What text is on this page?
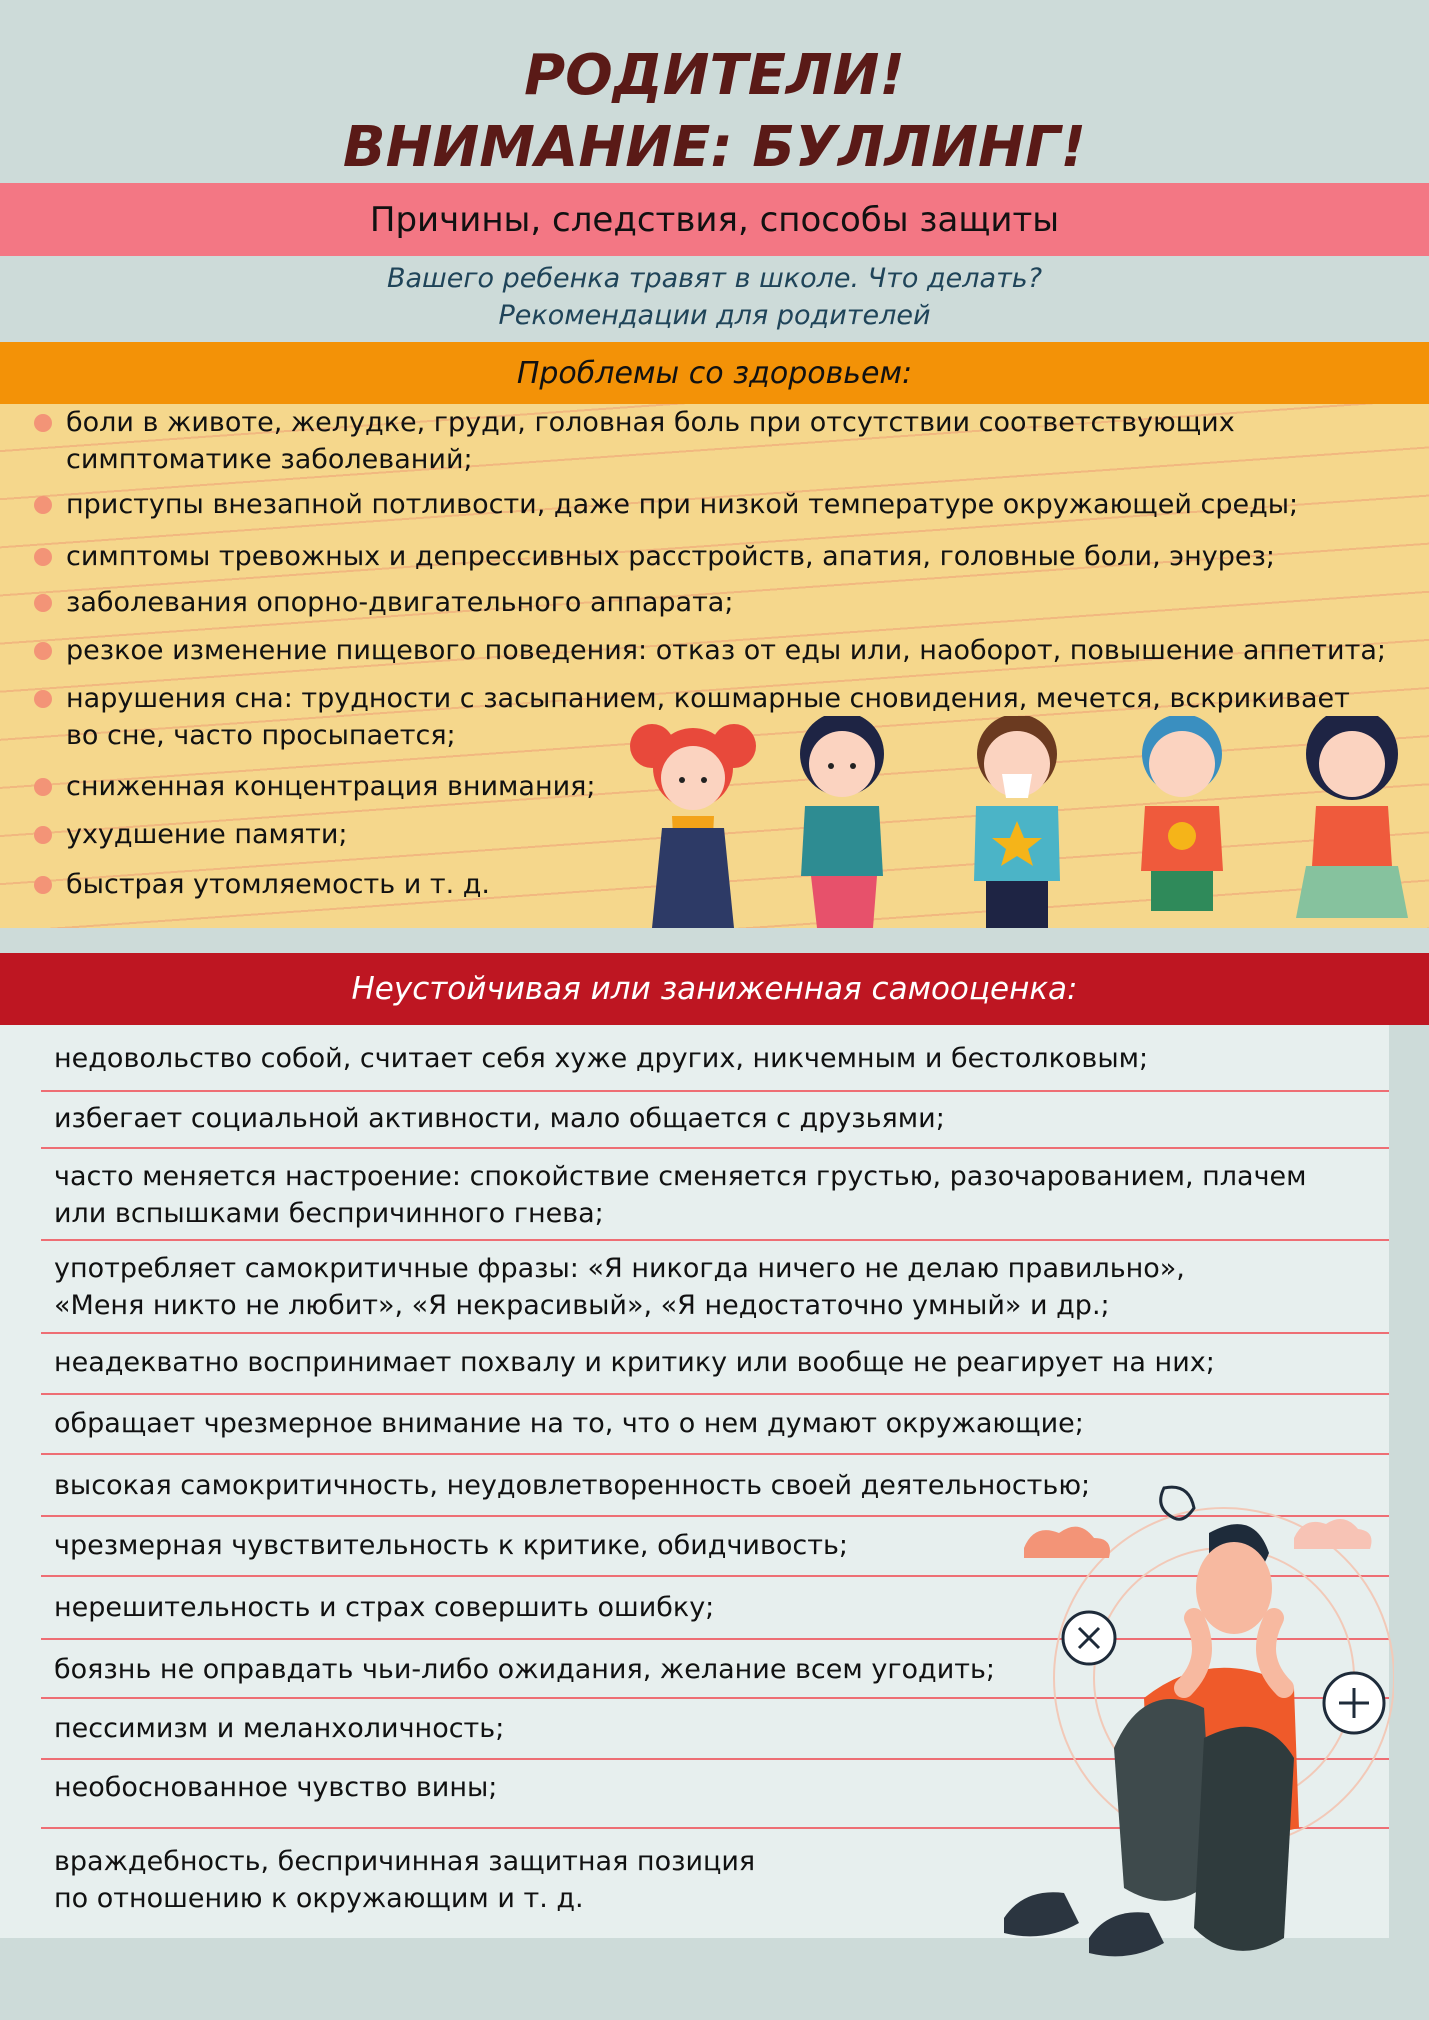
РОДИТЕЛИ!
ВНИМАНИЕ: БУЛЛИНГ!
Причины, следствия, способы защиты
Вашего ребенка травят в школе. Что делать?
Рекомендации для родителей
Проблемы со здоровьем:
боли в животе, желудке, груди, головная боль при отсутствии соответствующих
симптоматике заболеваний;
приступы внезапной потливости, даже при низкой температуре окружающей среды;
симптомы тревожных и депрессивных расстройств, апатия, головные боли, энурез;
заболевания опорно-двигательного аппарата;
резкое изменение пищевого поведения: отказ от еды или, наоборот, повышение аппетита;
нарушения сна: трудности с засыпанием, кошмарные сновидения, мечется, вскрикивает
во сне, часто просыпается;
сниженная концентрация внимания;
ухудшение памяти;
быстрая утомляемость и т. д.
Неустойчивая или заниженная самооценка:
недовольство собой, считает себя хуже других, никчемным и бестолковым;
избегает социальной активности, мало общается с друзьями;
часто меняется настроение: спокойствие сменяется грустью, разочарованием, плачем
или вспышками беспричинного гнева;
употребляет самокритичные фразы: «Я никогда ничего не делаю правильно»,
«Меня никто не любит», «Я некрасивый», «Я недостаточно умный» и др.;
неадекватно воспринимает похвалу и критику или вообще не реагирует на них;
обращает чрезмерное внимание на то, что о нем думают окружающие;
высокая самокритичность, неудовлетворенность своей деятельностью;
чрезмерная чувствительность к критике, обидчивость;
нерешительность и страх совершить ошибку;
боязнь не оправдать чьи-либо ожидания, желание всем угодить;
пессимизм и меланхоличность;
необоснованное чувство вины;
враждебность, беспричинная защитная позиция
по отношению к окружающим и т. д.
